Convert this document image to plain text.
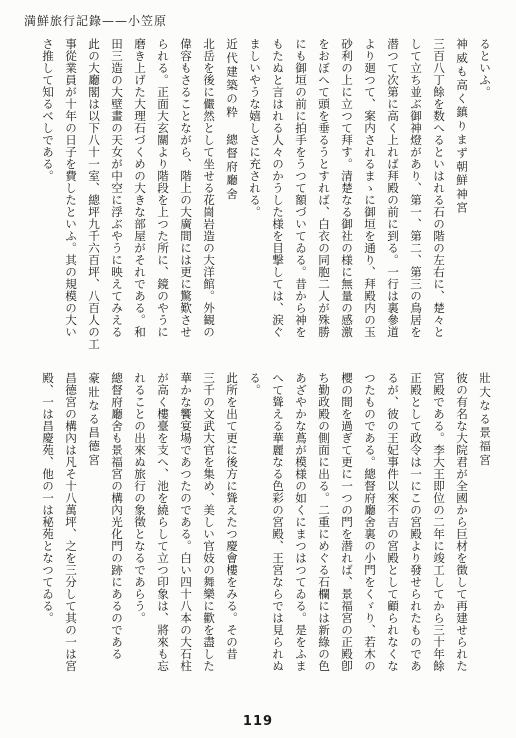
満鮮旅行記錄——小笠原
るといふ。
神威も高く鎮りまず朝鮮神宮
三百八丁餘を数へるといはれる石の階の左右に、楚々と
して立ち並ぶ御神燈があり、第一、第二、第三の鳥居を
潜つて次第に高く上れば拜殿の前に到る。一行は裏參道
より廻つて、案内されるまゝに御垣を通り、拜殿内の玉
砂利の上に立つて拜す。清楚なる御社の様に無量の感激
をおぼへて頭を垂るうとすれば、白衣の同胞二人が殊勝
にも御垣の前に拍手をうつて額づいてゐる。昔から神を
もたぬと言はれる人々のかうした様を目撃しては、涙ぐ
ましいやうな嬉しさに充される。
近代建築の粋　總督府廳舍
北岳を後に儼然として坐せる花崗岩造の大洋館。外観の
偉容もさることながら、階上の大廣間には更に驚歎させ
られる。正面大玄關より階段を上つた所に、鏡のやうに
磨き上げた大理石づくめの大きな部屋がそれである。和
田三造の大壁畫の天女が中空に浮ぶやうに映えてみえる
此の大廳閣は以下八十一室、總坪九千六百坪、八百人の工
事從業員が十年の日子を費したといふ。其の規模の大い
さ推して知るべしである。
壯大なる景福宮
彼の有名な大院君が全國から巨材を徴して再建せられた
宮殿である。李大王即位の二年に竣工してから三十年餘
正殿として政令は一にこの宮殿より發せられたものであ
るが、彼の王妃事件以來不吉の宮殿として顧られなくな
つたものである。總督府廳舍裏の小門をくゞり、若木の
櫻の間を過ぎて更に一つの門を潜れば、景福宮の正殿卽
ち勤政殿の側面に出る。二重にめぐる石欄には新綠の色
あざやかな蔦が模様の如くにまつはつてゐる。是をふま
へて聳える華麗なる色彩の宮殿、王宮ならでは見られぬ
る。
此所を出て更に後方に聳えたつ慶會樓をみる。その昔
三千の文武大官を集め、美しい官妓の舞樂に歡を盡した
華かな饗宴場であつたのである。白い四十八本の大石柱
が高く樓臺を支へ、池を繞らして立つ印象は、將來も忘
れることの出來ぬ旅行の象徵となるであらう。
總督府廳舍も景福宮の構內光化門の跡にあるのである
豪壯なる昌德宮
昌德宮の構內は凡そ十八萬坪、之を三分して其の一は宮
殿、一は昌慶苑、他の一は秘苑となつてゐる。
119
